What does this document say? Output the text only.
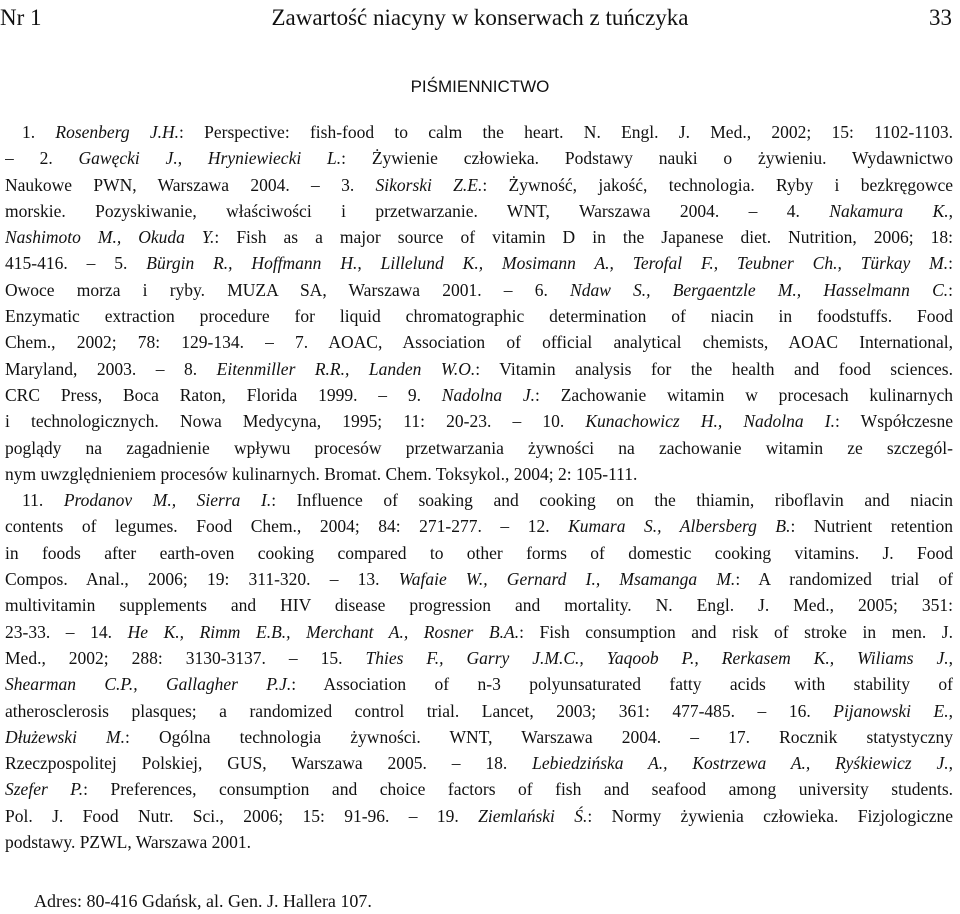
Nr 1	Zawartość niacyny w konserwach z tuńczyka	33
PIŚMIENNICTWO
1. Rosenberg J.H.: Perspective: fish-food to calm the heart. N. Engl. J. Med., 2002; 15: 1102-1103.
– 2. Gawęcki J., Hryniewiecki L.: Żywienie człowieka. Podstawy nauki o żywieniu. Wydawnictwo
Naukowe PWN, Warszawa 2004. – 3. Sikorski Z.E.: Żywność, jakość, technologia. Ryby i bezkręgowce
morskie. Pozyskiwanie, właściwości i przetwarzanie. WNT, Warszawa 2004. – 4. Nakamura K.,
Nashimoto M., Okuda Y.: Fish as a major source of vitamin D in the Japanese diet. Nutrition, 2006; 18:
415-416. – 5. Bürgin R., Hoffmann H., Lillelund K., Mosimann A., Terofal F., Teubner Ch., Türkay M.:
Owoce morza i ryby. MUZA SA, Warszawa 2001. – 6. Ndaw S., Bergaentzle M., Hasselmann C.:
Enzymatic extraction procedure for liquid chromatographic determination of niacin in foodstuffs. Food
Chem., 2002; 78: 129-134. – 7. AOAC, Association of official analytical chemists, AOAC International,
Maryland, 2003. – 8. Eitenmiller R.R., Landen W.O.: Vitamin analysis for the health and food sciences.
CRC Press, Boca Raton, Florida 1999. – 9. Nadolna J.: Zachowanie witamin w procesach kulinarnych
i technologicznych. Nowa Medycyna, 1995; 11: 20-23. – 10. Kunachowicz H., Nadolna I.: Współczesne
poglądy na zagadnienie wpływu procesów przetwarzania żywności na zachowanie witamin ze szczegól-
nym uwzględnieniem procesów kulinarnych. Bromat. Chem. Toksykol., 2004; 2: 105-111.
11. Prodanov M., Sierra I.: Influence of soaking and cooking on the thiamin, riboflavin and niacin
contents of legumes. Food Chem., 2004; 84: 271-277. – 12. Kumara S., Albersberg B.: Nutrient retention
in foods after earth-oven cooking compared to other forms of domestic cooking vitamins. J. Food
Compos. Anal., 2006; 19: 311-320. – 13. Wafaie W., Gernard I., Msamanga M.: A randomized trial of
multivitamin supplements and HIV disease progression and mortality. N. Engl. J. Med., 2005; 351:
23-33. – 14. He K., Rimm E.B., Merchant A., Rosner B.A.: Fish consumption and risk of stroke in men. J.
Med., 2002; 288: 3130-3137. – 15. Thies F., Garry J.M.C., Yaqoob P., Rerkasem K., Wiliams J.,
Shearman C.P., Gallagher P.J.: Association of n-3 polyunsaturated fatty acids with stability of
atherosclerosis plasques; a randomized control trial. Lancet, 2003; 361: 477-485. – 16. Pijanowski E.,
Dłużewski M.: Ogólna technologia żywności. WNT, Warszawa 2004. – 17. Rocznik statystyczny
Rzeczpospolitej Polskiej, GUS, Warszawa 2005. – 18. Lebiedzińska A., Kostrzewa A., Ryśkiewicz J.,
Szefer P.: Preferences, consumption and choice factors of fish and seafood among university students.
Pol. J. Food Nutr. Sci., 2006; 15: 91-96. – 19. Ziemlański Ś.: Normy żywienia człowieka. Fizjologiczne
podstawy. PZWL, Warszawa 2001.
Adres: 80-416 Gdańsk, al. Gen. J. Hallera 107.
